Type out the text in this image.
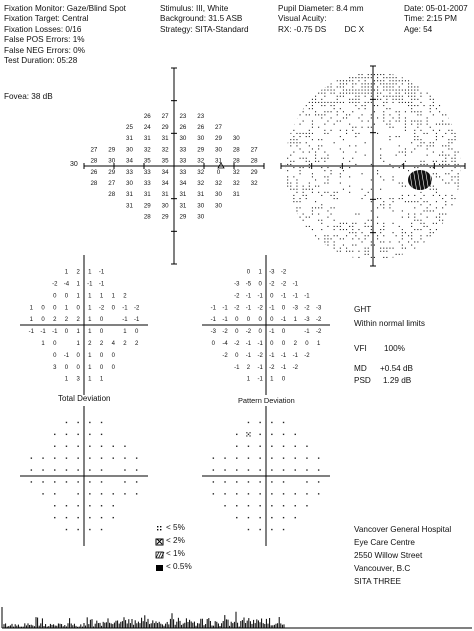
Fixation Monitor: Gaze/Blind Spot
Fixation Target: Central
Fixation Losses: 0/16
False POS Errors: 1%
False NEG Errors: 0%
Test Duration: 05:28
Fovea: 38 dB
Stimulus: III, White
Background: 31.5 ASB
Strategy: SITA-Standard
Pupil Diameter: 8.4 mm
Visual Acuity:
RX: -0.75 DS DC X
Date: 05-01-2007
Time: 2:15 PM
Age: 54
26 27 23 23
25 24 29 26 26 27
31 31 31 30 30 29 30
27 29 30 32 32 33 29 30 28 27
28 30 34 35 35 33 32 31 28 28
26 29 33 33 34 33 32 0 32 29
28 27 30 33 34 34 32 32 32 32
28 31 31 31 31 31 30 31
31 29 30 31 30 30
28 29 29 30
1 2 1 -1
-2 -4 1 -1 -1
0 0 1 1 1 1 2
1 0 0 1 0 1 -2 0 -1 -2
1 0 2 2 2 1 0	-1 -1
-1 -1 -1 0 1 1 0	1 0
1 0	1 2 2 4 2 2
0 -1 0 1 0 0
3 0 0 1 0 0
1 3 1 1
0 1 -3 -2
-3 -5 0 -2 -2 -1
-2 -1 -1 0 -1 -1 -1
-1 -1 -2 -1 -2 -1 0 -3 -2 -3
-1 -1 0 0 0 0 -1 1 -3 -2
-3 -2 0 -2 0 -1 0	-1 -2
0 -4 -2 -1 -1 0 0 2 0 1
-2 0 -1 -2 -1 -1 -1 -2
-1 2 -1 -2 -1 -2
1 -1 1 0
30
Total Deviation	Pattern Deviation
GHT
Within normal limits
VFI 100%
MD +0.54 dB
PSD 1.29 dB
< 5%
< 2%
< 1%
< 0.5%
Vancover General Hospital
Eye Care Centre
2550 Willow Street
Vancouver, B.C
SITA THREE
